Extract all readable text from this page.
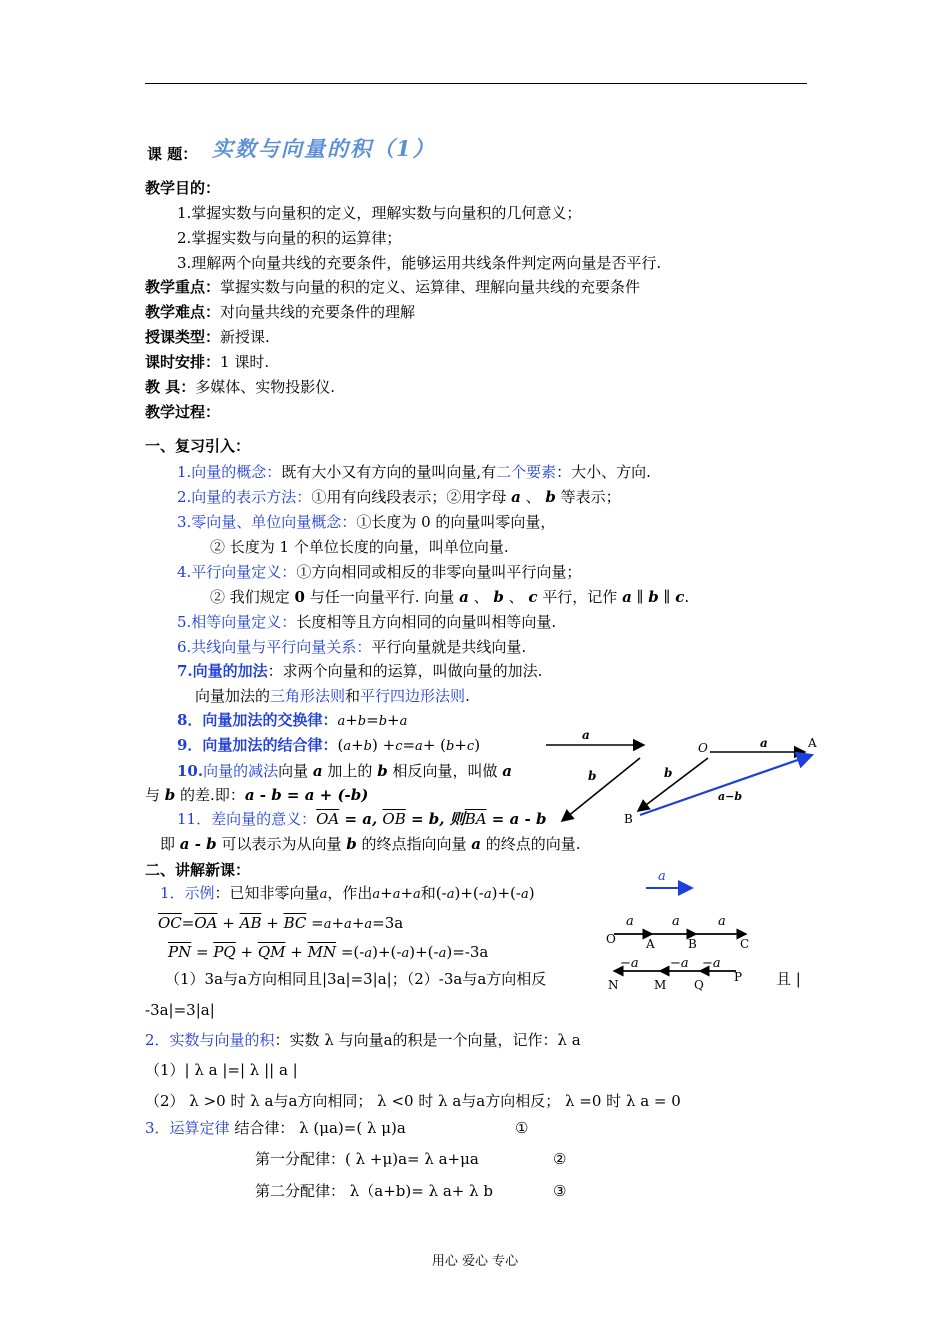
课 题： 实数与向量的积（1）
教学目的：
1.掌握实数与向量积的定义，理解实数与向量积的几何意义；
2.掌握实数与向量的积的运算律；
3.理解两个向量共线的充要条件，能够运用共线条件判定两向量是否平行.
教学重点：掌握实数与向量的积的定义、运算律、理解向量共线的充要条件
教学难点：对向量共线的充要条件的理解
授课类型：新授课.
课时安排：1 课时.
教 具：多媒体、实物投影仪.
教学过程：
一、复习引入：
1.向量的概念：既有大小又有方向的量叫向量,有二个要素：大小、方向.
2.向量的表示方法：①用有向线段表示；②用字母 a 、 b 等表示；
3.零向量、单位向量概念：①长度为 0 的向量叫零向量，
② 长度为 1 个单位长度的向量，叫单位向量.
4.平行向量定义：①方向相同或相反的非零向量叫平行向量；
② 我们规定 0 与任一向量平行. 向量 a 、 b 、 c 平行，记作 a ∥ b ∥ c.
5.相等向量定义：长度相等且方向相同的向量叫相等向量.
6.共线向量与平行向量关系：平行向量就是共线向量.
7.向量的加法：求两个向量和的运算，叫做向量的加法.
向量加法的三角形法则和平行四边形法则.
8．向量加法的交换律：a+b=b+a
9．向量加法的结合律：(a+b) +c=a+ (b+c)
10.向量的减法向量 a 加上的 b 相反向量，叫做 a
与 b 的差.即：a - b = a + (-b)
11．差向量的意义：$\overline{OA} = a$, $\overline{OB} = b$, 则$\overline{BA} = a - b$
即 a - b 可以表示为从向量 b 的终点指向向量 a 的终点的向量.
a
b
O	a	A
b
B
a−b
二、讲解新课：
1．示例：已知非零向量a，作出a+a+a和(-a)+(-a)+(-a)
$\overline{OC}=\overline{OA} + \overline{AB} + \overline{BC} =a+a+a=3a$
$\overline{PN} = \overline{PQ} + \overline{QM} + \overline{MN} =(-a)+(-a)+(-a)=-3a$
（1）3a与a方向相同且|3a|=3|a|；（2）-3a与a方向相反	且 |
-3a|=3|a|
a
a	a	a
O	A	B	C
−a −a −a
N	M Q
P
2．实数与向量的积：实数 λ 与向量a的积是一个向量，记作：λ a
（1）| λ a |=| λ || a |
（2） λ >0 时 λ a与a方向相同； λ <0 时 λ a与a方向相反； λ =0 时 λ a = 0
3．运算定律 结合律： λ (μa)=( λ μ)a	①
第一分配律：( λ +μ)a= λ a+μa	②
第二分配律： λ（a+b)= λ a+ λ b	③
用心 爱心 专心
